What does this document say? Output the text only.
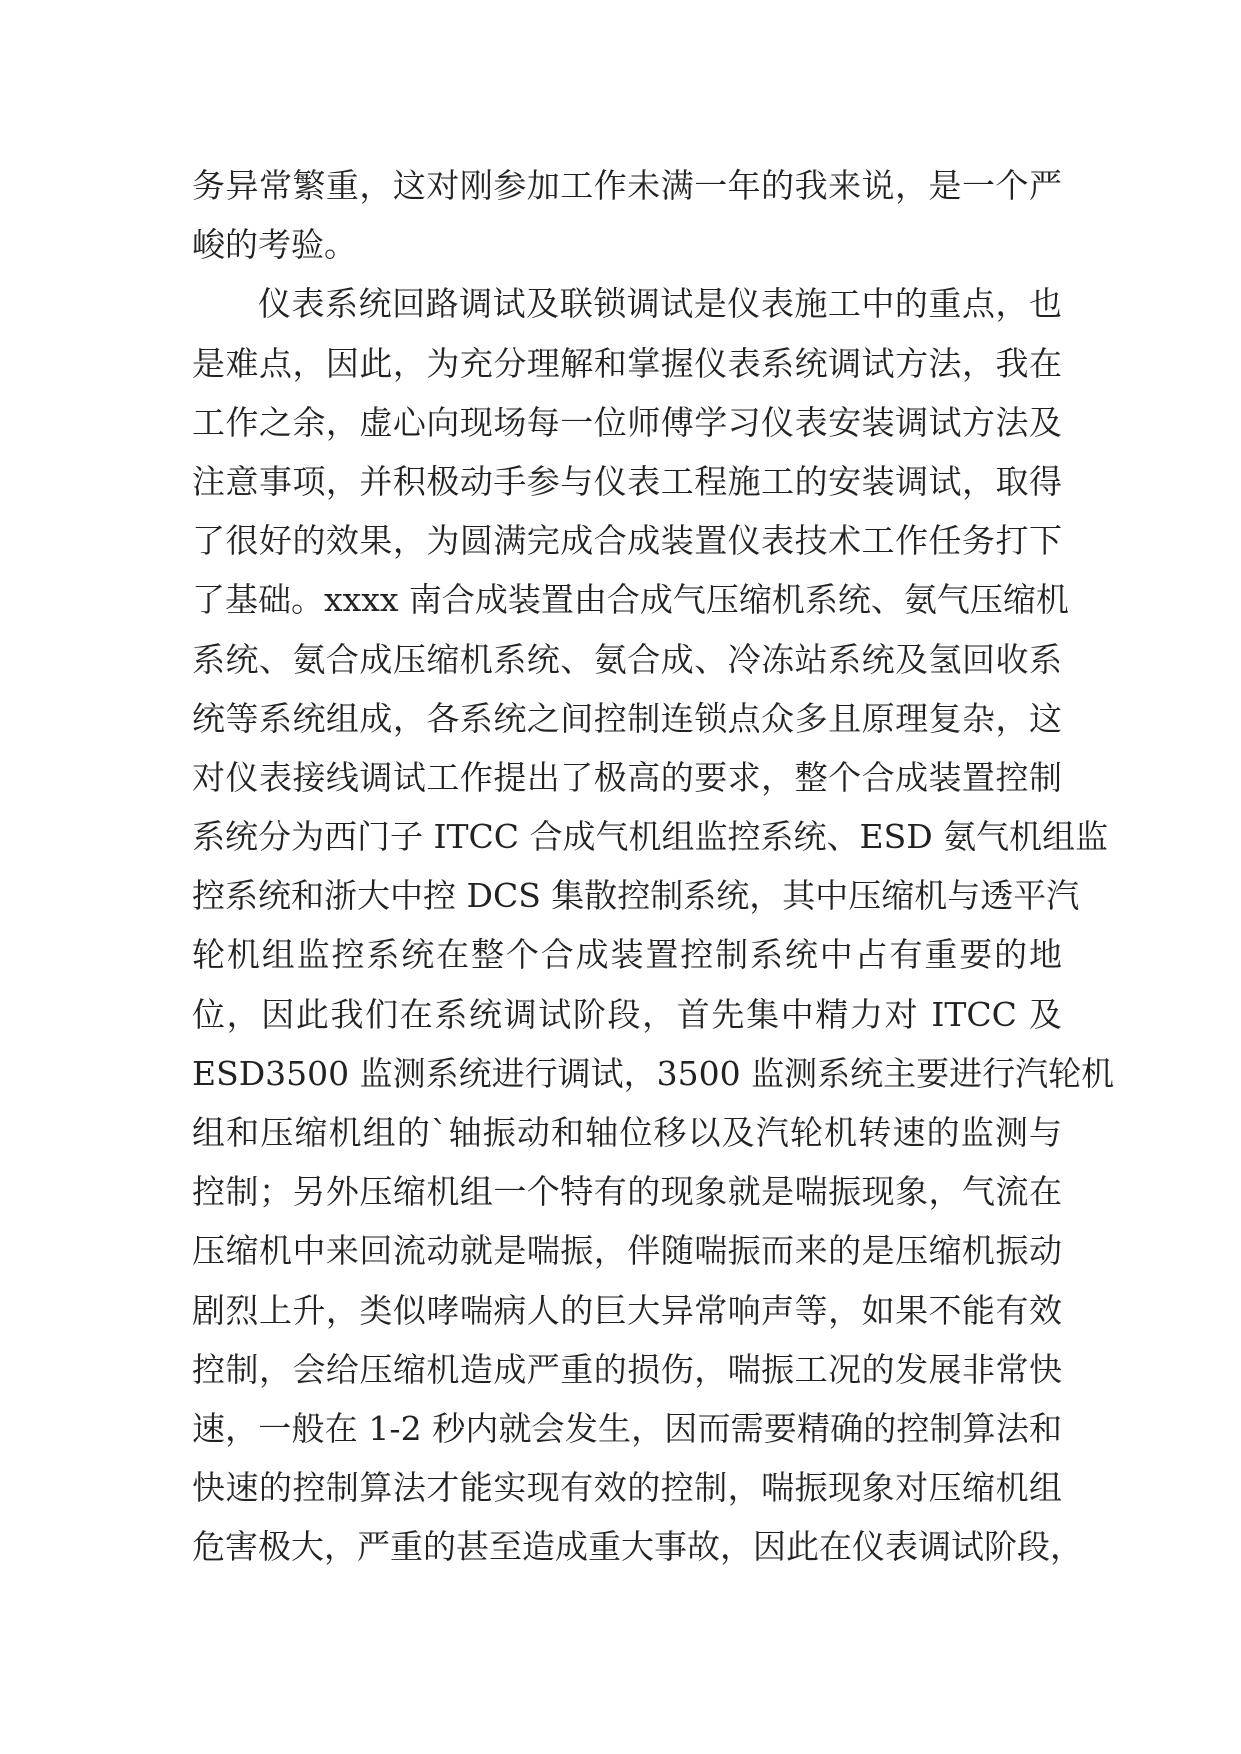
务异常繁重，这对刚参加工作未满一年的我来说，是一个严
峻的考验。
仪表系统回路调试及联锁调试是仪表施工中的重点，也
是难点，因此，为充分理解和掌握仪表系统调试方法，我在
工作之余，虚心向现场每一位师傅学习仪表安装调试方法及
注意事项，并积极动手参与仪表工程施工的安装调试，取得
了很好的效果，为圆满完成合成装置仪表技术工作任务打下
了基础。xxxx 南合成装置由合成气压缩机系统、氨气压缩机
系统、氨合成压缩机系统、氨合成、冷冻站系统及氢回收系
统等系统组成，各系统之间控制连锁点众多且原理复杂，这
对仪表接线调试工作提出了极高的要求，整个合成装置控制
系统分为西门子 ITCC 合成气机组监控系统、ESD 氨气机组监
控系统和浙大中控 DCS 集散控制系统，其中压缩机与透平汽
轮机组监控系统在整个合成装置控制系统中占有重要的地
位，因此我们在系统调试阶段，首先集中精力对 ITCC 及
ESD3500 监测系统进行调试，3500 监测系统主要进行汽轮机
组和压缩机组的`轴振动和轴位移以及汽轮机转速的监测与
控制；另外压缩机组一个特有的现象就是喘振现象，气流在
压缩机中来回流动就是喘振，伴随喘振而来的是压缩机振动
剧烈上升，类似哮喘病人的巨大异常响声等，如果不能有效
控制，会给压缩机造成严重的损伤，喘振工况的发展非常快
速，一般在 1-2 秒内就会发生，因而需要精确的控制算法和
快速的控制算法才能实现有效的控制，喘振现象对压缩机组
危害极大，严重的甚至造成重大事故，因此在仪表调试阶段，
